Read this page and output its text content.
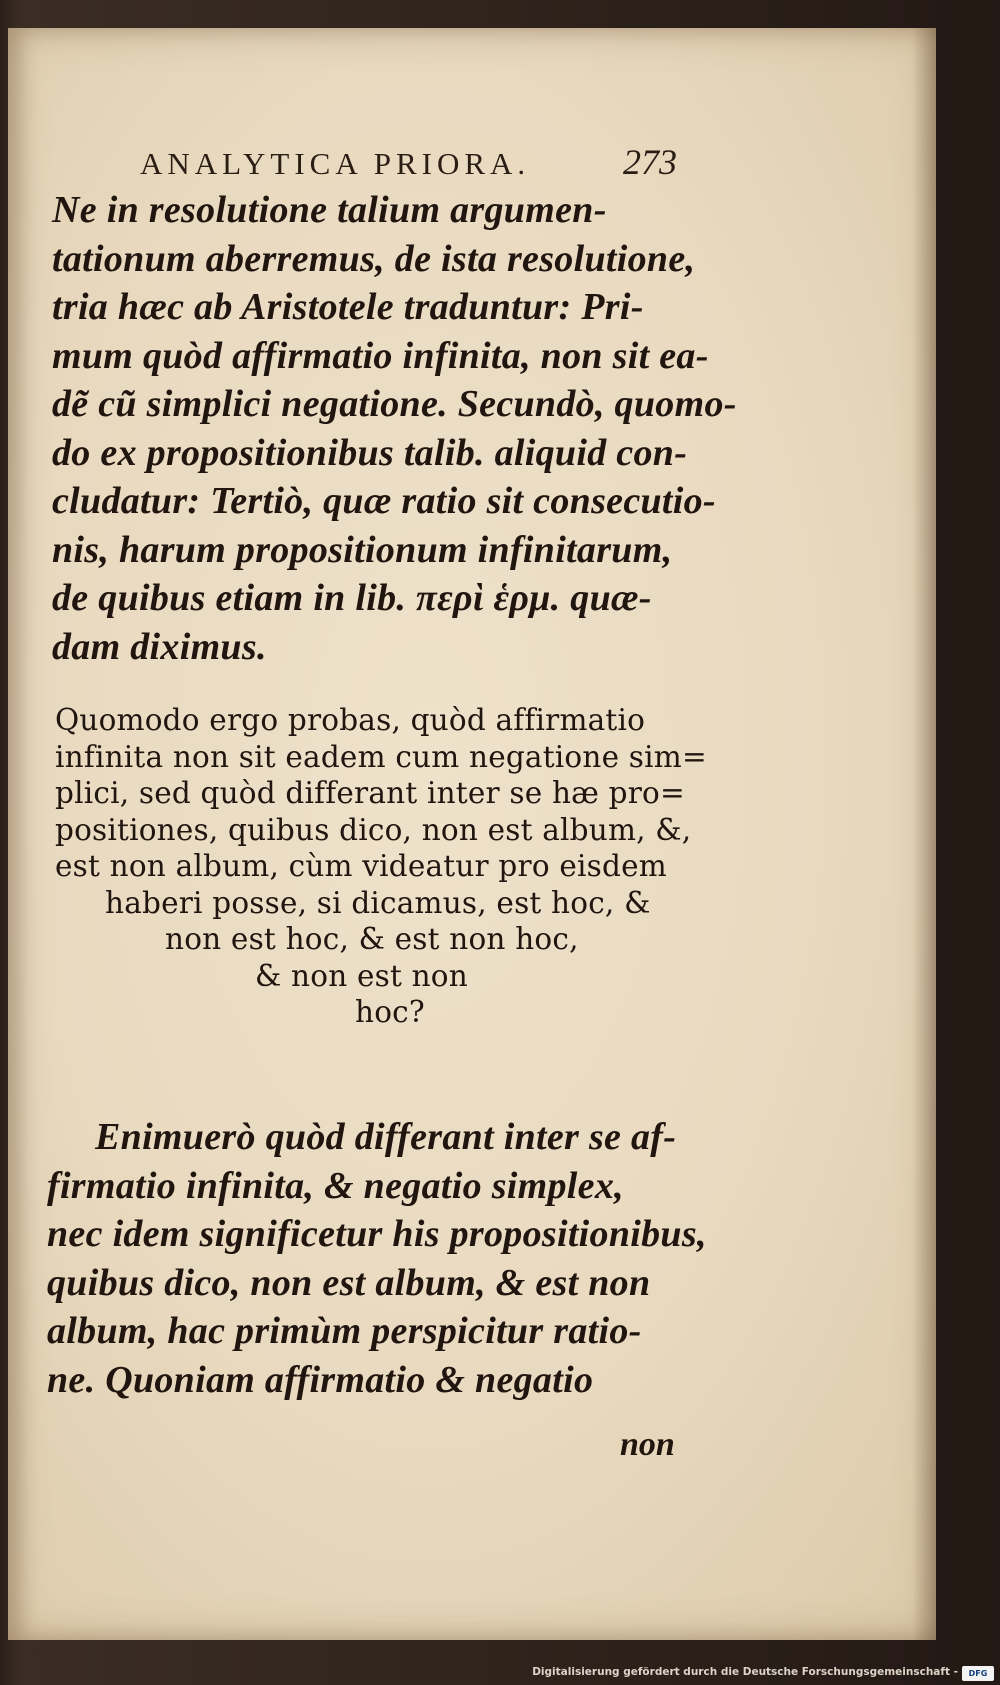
ANALYTICA PRIORA.	273
Ne in resolutione talium argumen-
tationum aberremus, de ista resolutione,
tria hæc ab Aristotele traduntur: Pri-
mum quòd affirmatio infinita, non sit ea-
dẽ cũ simplici negatione. Secundò, quomo-
do ex propositionibus talib. aliquid con-
cludatur: Tertiò, quæ ratio sit consecutio-
nis, harum propositionum infinitarum,
de quibus etiam in lib. περὶ ἑρμ. quæ-
dam diximus.
Quomodo ergo probas, quòd affirmatio
infinita non sit eadem cum negatione sim=
plici, sed quòd differant inter se hæ pro=
positiones, quibus dico, non est album, &,
est non album, cùm videatur pro eisdem
haberi posse, si dicamus, est hoc, &
non est hoc, & est non hoc,
& non est non
hoc?
Enimuerò quòd differant inter se af-
firmatio infinita, & negatio simplex,
nec idem significetur his propositionibus,
quibus dico, non est album, & est non
album, hac primùm perspicitur ratio-
ne. Quoniam affirmatio & negatio
non
Digitalisierung gefördert durch die Deutsche Forschungsgemeinschaft -	DFG
